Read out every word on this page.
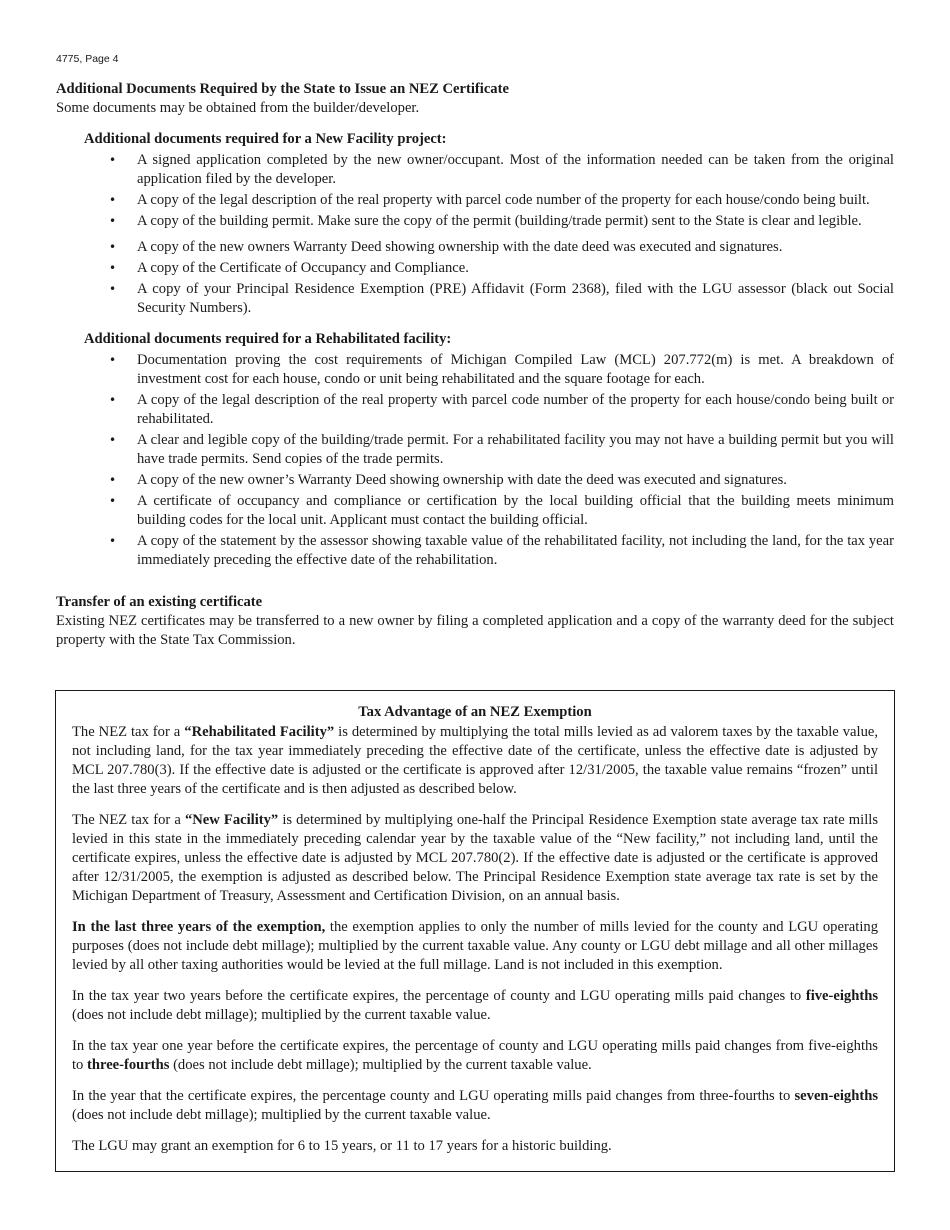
4775, Page 4

Additional Documents Required by the State to Issue an NEZ Certificate

Some documents may be obtained from the builder/developer.

Additional documents required for a New Facility project:

• A signed application completed by the new owner/occupant. Most of the information needed can be taken from the original application filed by the developer.
• A copy of the legal description of the real property with parcel code number of the property for each house/condo being built.
• A copy of the building permit. Make sure the copy of the permit (building/trade permit) sent to the State is clear and legible.
• A copy of the new owners Warranty Deed showing ownership with the date deed was executed and signatures.
• A copy of the Certificate of Occupancy and Compliance.
• A copy of your Principal Residence Exemption (PRE) Affidavit (Form 2368), filed with the LGU assessor (black out Social Security Numbers).

Additional documents required for a Rehabilitated facility:

• Documentation proving the cost requirements of Michigan Compiled Law (MCL) 207.772(m) is met. A breakdown of investment cost for each house, condo or unit being rehabilitated and the square footage for each.
• A copy of the legal description of the real property with parcel code number of the property for each house/condo being built or rehabilitated.
• A clear and legible copy of the building/trade permit. For a rehabilitated facility you may not have a building permit but you will have trade permits. Send copies of the trade permits.
• A copy of the new owner’s Warranty Deed showing ownership with date the deed was executed and signatures.
• A certificate of occupancy and compliance or certification by the local building official that the building meets minimum building codes for the local unit. Applicant must contact the building official.
• A copy of the statement by the assessor showing taxable value of the rehabilitated facility, not including the land, for the tax year immediately preceding the effective date of the rehabilitation.

Transfer of an existing certificate

Existing NEZ certificates may be transferred to a new owner by filing a completed application and a copy of the warranty deed for the subject property with the State Tax Commission.

Tax Advantage of an NEZ Exemption

The NEZ tax for a “Rehabilitated Facility” is determined by multiplying the total mills levied as ad valorem taxes by the taxable value, not including land, for the tax year immediately preceding the effective date of the certificate, unless the effective date is adjusted by MCL 207.780(3). If the effective date is adjusted or the certificate is approved after 12/31/2005, the taxable value remains “frozen” until the last three years of the certificate and is then adjusted as described below.

The NEZ tax for a “New Facility” is determined by multiplying one-half the Principal Residence Exemption state average tax rate mills levied in this state in the immediately preceding calendar year by the taxable value of the “New facility,” not including land, until the certificate expires, unless the effective date is adjusted by MCL 207.780(2). If the effective date is adjusted or the certificate is approved after 12/31/2005, the exemption is adjusted as described below. The Principal Residence Exemption state average tax rate is set by the Michigan Department of Treasury, Assessment and Certification Division, on an annual basis.

In the last three years of the exemption, the exemption applies to only the number of mills levied for the county and LGU operating purposes (does not include debt millage); multiplied by the current taxable value. Any county or LGU debt millage and all other millages levied by all other taxing authorities would be levied at the full millage. Land is not included in this exemption.

In the tax year two years before the certificate expires, the percentage of county and LGU operating mills paid changes to five-eighths (does not include debt millage); multiplied by the current taxable value.

In the tax year one year before the certificate expires, the percentage of county and LGU operating mills paid changes from five-eighths to three-fourths (does not include debt millage); multiplied by the current taxable value.

In the year that the certificate expires, the percentage county and LGU operating mills paid changes from three-fourths to seven-eighths (does not include debt millage); multiplied by the current taxable value.

The LGU may grant an exemption for 6 to 15 years, or 11 to 17 years for a historic building.
